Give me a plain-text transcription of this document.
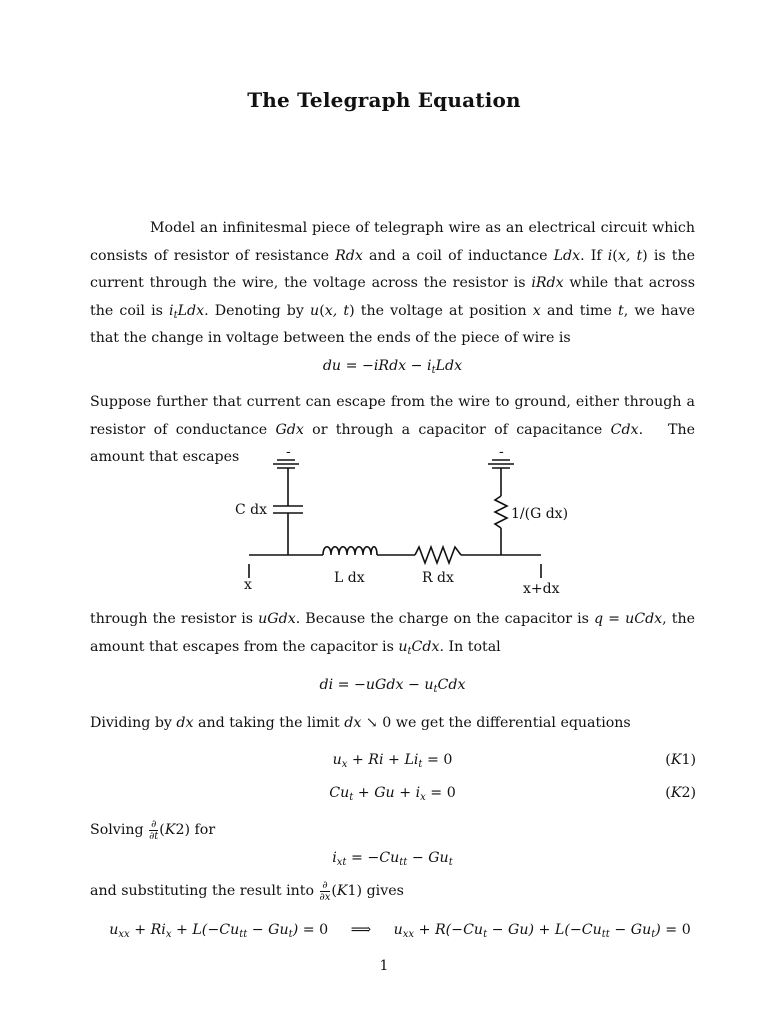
The Telegraph Equation
Model an infinitesmal piece of telegraph wire as an electrical circuit which consists of resistor of resistance Rdx and a coil of inductance Ldx. If i(x, t) is the current through the wire, the voltage across the resistor is iRdx while that across the coil is $i_tLdx$. Denoting by u(x, t) the voltage at position x and time t, we have that the change in voltage between the ends of the piece of wire is
du = −iRdx − $i_tLdx$
Suppose further that current can escape from the wire to ground, either through a resistor of conductance Gdx or through a capacitor of capacitance Cdx.   The amount that escapes	-	-
C dx	1/(G dx)
L dx	R dx
x	x+dx
through the resistor is uGdx. Because the charge on the capacitor is q = uCdx, the amount that escapes from the capacitor is $u_tCdx$. In total
di = −uGdx − $u_tCdx$
Dividing by dx and taking the limit dx ↘ 0 we get the differential equations
$u_x + Ri + Li_t = 0$	(K1)
$Cu_t + Gu + i_x = 0$	(K2)
Solving $\frac{\partial}{\partial t} (K2)$ for
$i_{xt} = -Cu_{tt} - Gu_t$
and substituting the result into $\frac{\partial}{\partial x} (K1)$ gives
$u_{xx} + Ri_x + L(-Cu_{tt} - Gu_t) = 0$ ⟹     $u_{xx} + R(-Cu_t - Gu) + L(-Cu_{tt} - Gu_t) = 0$
1
